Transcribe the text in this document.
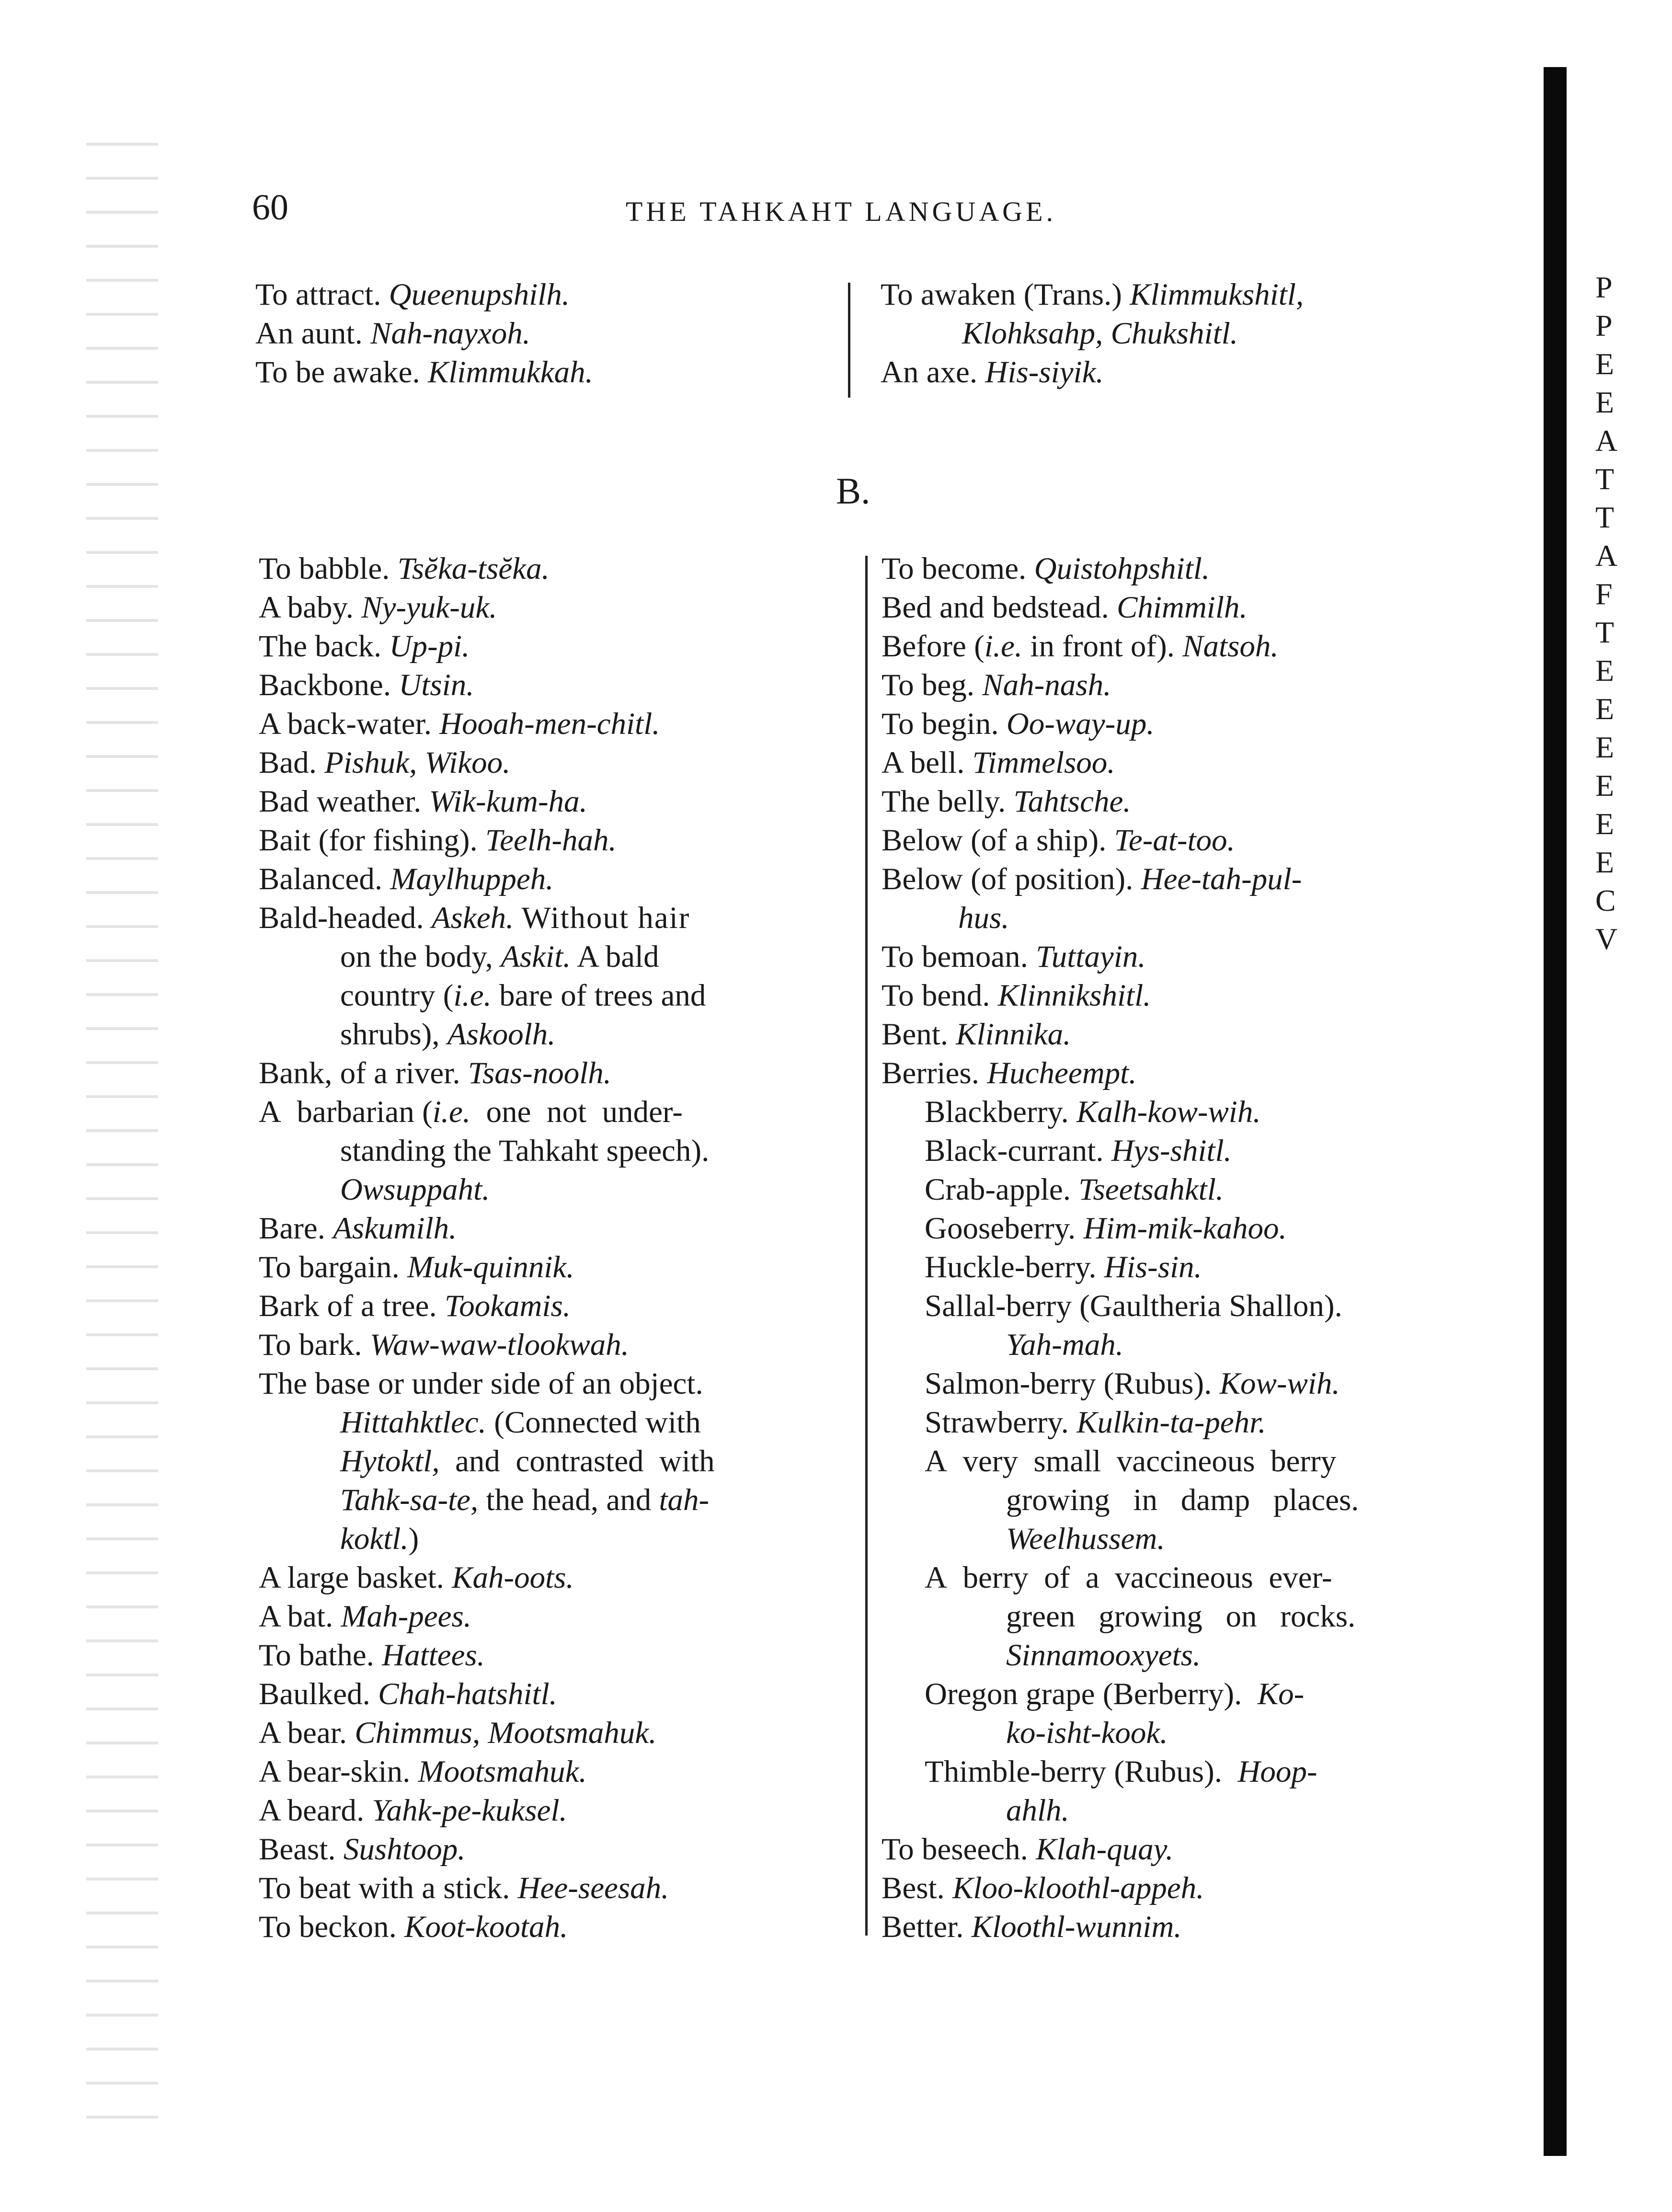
60	THE TAHKAHT LANGUAGE.
To attract. Queenupshilh.
An aunt. Nah-nayxoh.
To be awake. Klimmukkah.
To awaken (Trans.) Klimmukshitl,
Klohksahp, Chukshitl.
An axe. His-siyik.
B.
To babble. Tsĕka-tsĕka.
A baby. Ny-yuk-uk.
The back. Up-pi.
Backbone. Utsin.
A back-water. Hooah-men-chitl.
Bad. Pishuk, Wikoo.
Bad weather. Wik-kum-ha.
Bait (for fishing). Teelh-hah.
Balanced. Maylhuppeh.
Bald-headed. Askeh. Without hair
on the body, Askit. A bald
country (i.e. bare of trees and
shrubs), Askoolh.
Bank, of a river. Tsas-noolh.
A  barbarian (i.e.  one  not  under-
standing the Tahkaht speech).
Owsuppaht.
Bare. Askumilh.
To bargain. Muk-quinnik.
Bark of a tree. Tookamis.
To bark. Waw-waw-tlookwah.
The base or under side of an object.
Hittahktlec. (Connected with
Hytoktl,  and  contrasted  with
Tahk-sa-te, the head, and tah-
koktl.)
A large basket. Kah-oots.
A bat. Mah-pees.
To bathe. Hattees.
Baulked. Chah-hatshitl.
A bear. Chimmus, Mootsmahuk.
A bear-skin. Mootsmahuk.
A beard. Yahk-pe-kuksel.
Beast. Sushtoop.
To beat with a stick. Hee-seesah.
To beckon. Koot-kootah.
To become. Quistohpshitl.
Bed and bedstead. Chimmilh.
Before (i.e. in front of). Natsoh.
To beg. Nah-nash.
To begin. Oo-way-up.
A bell. Timmelsoo.
The belly. Tahtsche.
Below (of a ship). Te-at-too.
Below (of position). Hee-tah-pul-
hus.
To bemoan. Tuttayin.
To bend. Klinnikshitl.
Bent. Klinnika.
Berries. Hucheempt.
Blackberry. Kalh-kow-wih.
Black-currant. Hys-shitl.
Crab-apple. Tseetsahktl.
Gooseberry. Him-mik-kahoo.
Huckle-berry. His-sin.
Sallal-berry (Gaultheria Shallon).
Yah-mah.
Salmon-berry (Rubus). Kow-wih.
Strawberry. Kulkin-ta-pehr.
A  very  small  vaccineous  berry
growing   in   damp   places.
Weelhussem.
A  berry  of  a  vaccineous  ever-
green   growing   on   rocks.
Sinnamooxyets.
Oregon grape (Berberry). Ko-
ko-isht-kook.
Thimble-berry (Rubus). Hoop-
ahlh.
To beseech. Klah-quay.
Best. Kloo-kloothl-appeh.
Better. Kloothl-wunnim.
P
P
E
E
A
T
T
A
F
T
E
E
E
E
E
E
C
V
